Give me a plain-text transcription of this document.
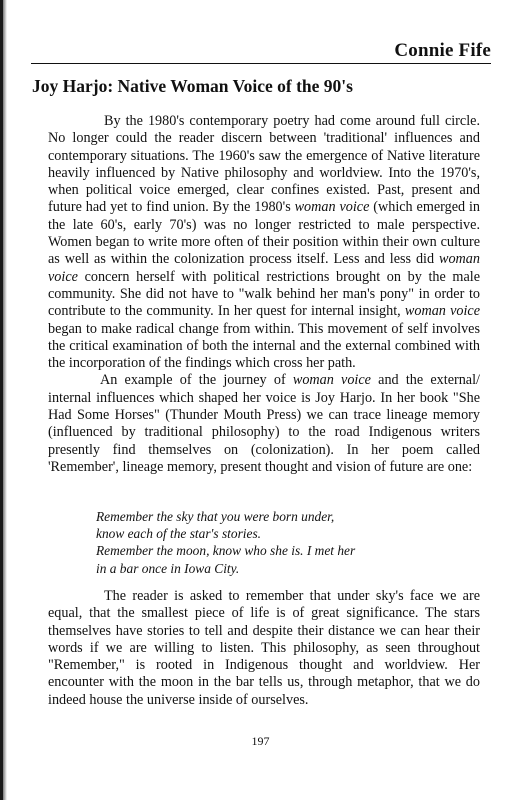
Connie Fife
Joy Harjo: Native Woman Voice of the 90's

By the 1980's contemporary poetry had come around full circle. No longer could the reader discern between 'traditional' influences and contemporary situations. The 1960's saw the emergence of Native literature heavily influenced by Native philosophy and worldview. Into the 1970's, when political voice emerged, clear confines existed. Past, present and future had yet to find union. By the 1980's woman voice (which emerged in the late 60's, early 70's) was no longer restricted to male perspective. Women began to write more often of their position within their own culture as well as within the colonization process itself. Less and less did woman voice concern herself with political restrictions brought on by the male community. She did not have to "walk behind her man's pony" in order to contribute to the community. In her quest for internal insight, woman voice began to make radical change from within. This movement of self involves the critical examination of both the internal and the external combined with the incorporation of the findings which cross her path.

An example of the journey of woman voice and the external/ internal influences which shaped her voice is Joy Harjo. In her book "She Had Some Horses" (Thunder Mouth Press) we can trace lineage memory (influenced by traditional philosophy) to the road Indigenous writers presently find themselves on (colonization). In her poem called 'Remember', lineage memory, present thought and vision of future are one:

Remember the sky that you were born under,
know each of the star's stories.
Remember the moon, know who she is. I met her
in a bar once in Iowa City.

The reader is asked to remember that under sky's face we are equal, that the smallest piece of life is of great significance. The stars themselves have stories to tell and despite their distance we can hear their words if we are willing to listen. This philosophy, as seen throughout "Remember," is rooted in Indigenous thought and worldview. Her encounter with the moon in the bar tells us, through metaphor, that we do indeed house the universe inside of ourselves.

197
